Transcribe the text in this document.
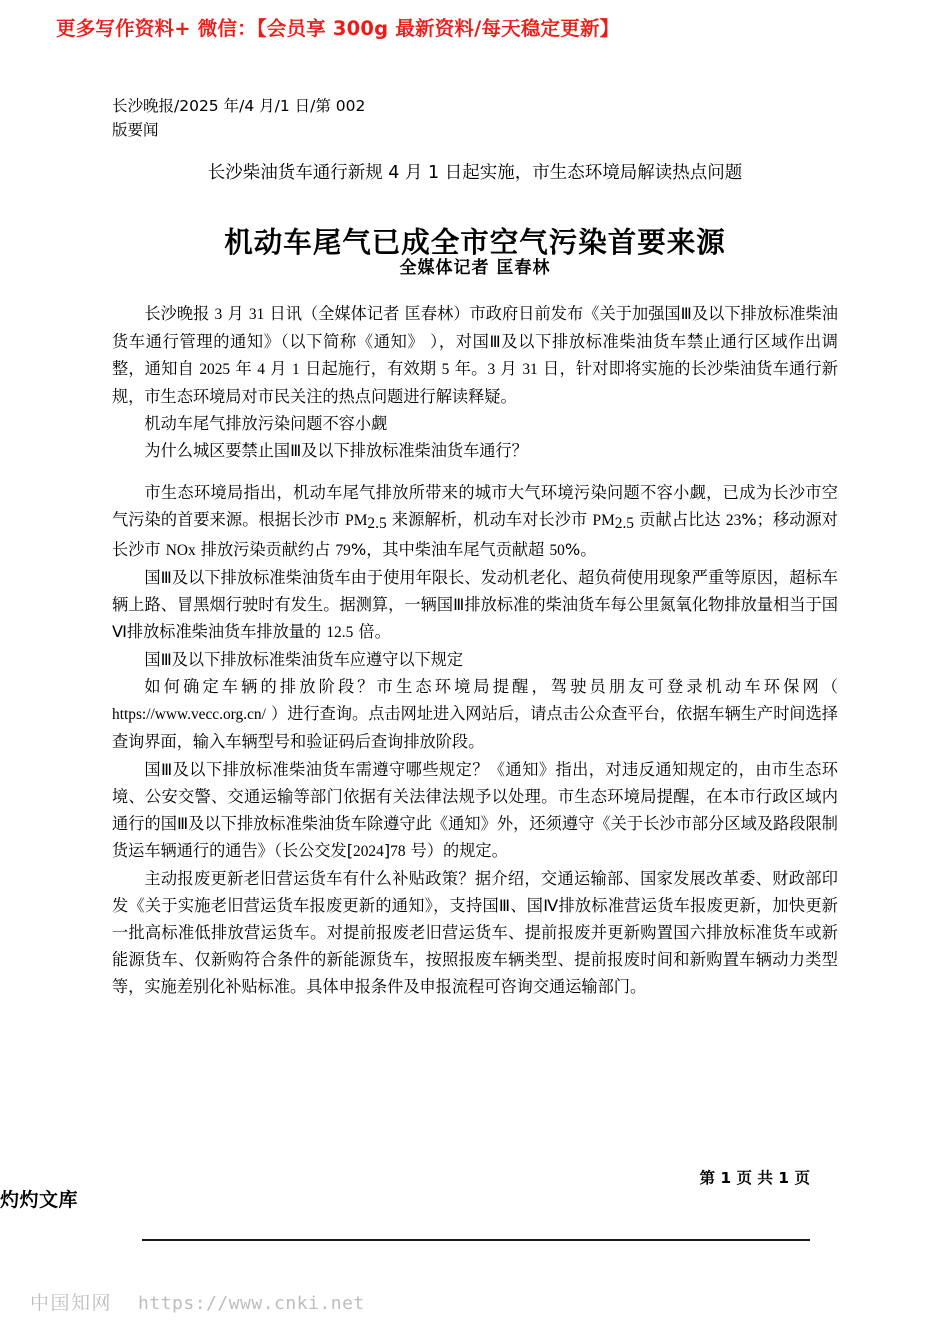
更多写作资料+ 微信：【会员享 300g 最新资料/每天稳定更新】
长沙晚报/2025 年/4 月/1 日/第 002
版要闻
长沙柴油货车通行新规 4 月 1 日起实施，市生态环境局解读热点问题
机动车尾气已成全市空气污染首要来源
全媒体记者 匡春林

长沙晚报 3 月 31 日讯（全媒体记者 匡春林）市政府日前发布《关于加强国Ⅲ及以下排放标准柴油货车通行管理的通知》（以下简称《通知》 ），对国Ⅲ及以下排放标准柴油货车禁止通行区域作出调整，通知自 2025 年 4 月 1 日起施行，有效期 5 年。3 月 31 日，针对即将实施的长沙柴油货车通行新规，市生态环境局对市民关注的热点问题进行解读释疑。

机动车尾气排放污染问题不容小觑

为什么城区要禁止国Ⅲ及以下排放标准柴油货车通行？

市生态环境局指出，机动车尾气排放所带来的城市大气环境污染问题不容小觑，已成为长沙市空气污染的首要来源。根据长沙市 $PM_{2.5}$ 来源解析，机动车对长沙市 $PM_{2.5}$ 贡献占比达 23%；移动源对长沙市 NOx 排放污染贡献约占 79%，其中柴油车尾气贡献超 50%。

国Ⅲ及以下排放标准柴油货车由于使用年限长、发动机老化、超负荷使用现象严重等原因，超标车辆上路、冒黑烟行驶时有发生。据测算，一辆国Ⅲ排放标准的柴油货车每公里氮氧化物排放量相当于国Ⅵ排放标准柴油货车排放量的 12.5 倍。

国Ⅲ及以下排放标准柴油货车应遵守以下规定

如何确定车辆的排放阶段？市生态环境局提醒，驾驶员朋友可登录机动车环保网（ https://www.vecc.org.cn/ ）进行查询。点击网址进入网站后，请点击公众查平台，依据车辆生产时间选择查询界面，输入车辆型号和验证码后查询排放阶段。

国Ⅲ及以下排放标准柴油货车需遵守哪些规定？《通知》指出，对违反通知规定的，由市生态环境、公安交警、交通运输等部门依据有关法律法规予以处理。市生态环境局提醒，在本市行政区域内通行的国Ⅲ及以下排放标准柴油货车除遵守此《通知》外，还须遵守《关于长沙市部分区域及路段限制货运车辆通行的通告》（长公交发[2024]78 号）的规定。

主动报废更新老旧营运货车有什么补贴政策？据介绍，交通运输部、国家发展改革委、财政部印发《关于实施老旧营运货车报废更新的通知》，支持国Ⅲ、国Ⅳ排放标准营运货车报废更新，加快更新一批高标准低排放营运货车。对提前报废老旧营运货车、提前报废并更新购置国六排放标准货车或新能源货车、仅新购符合条件的新能源货车，按照报废车辆类型、提前报废时间和新购置车辆动力类型等，实施差别化补贴标准。具体申报条件及申报流程可咨询交通运输部门。

第 1 页 共 1 页
灼灼文库
中国知网 https://www.cnki.net
